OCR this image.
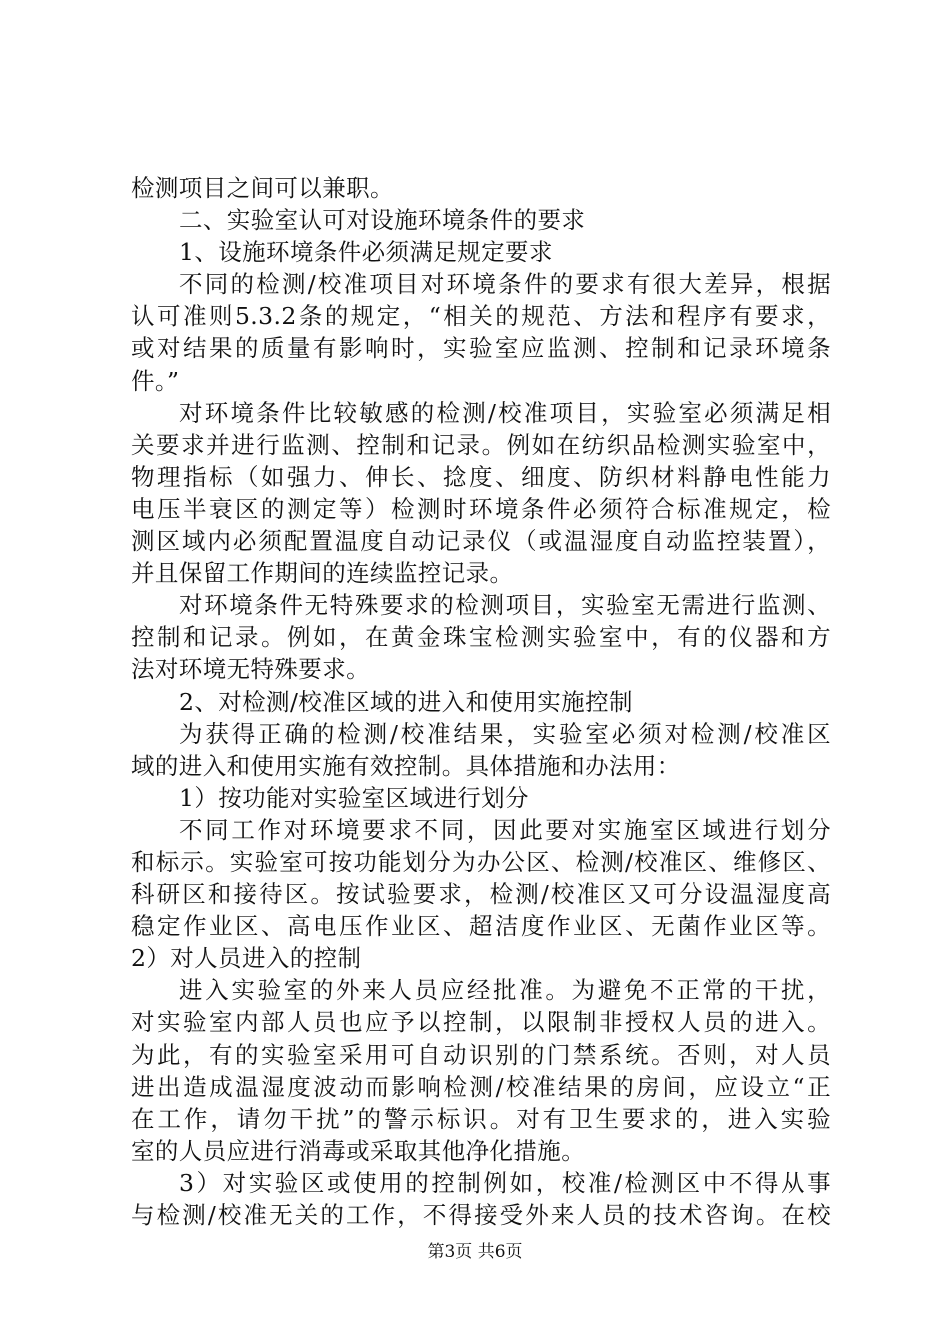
检测项目之间可以兼职。
二、实验室认可对设施环境条件的要求
1、设施环境条件必须满足规定要求
不同的检测/校准项目对环境条件的要求有很大差异，根据
认可准则5.3.2条的规定，“相关的规范、方法和程序有要求，
或对结果的质量有影响时，实验室应监测、控制和记录环境条
件。”
对环境条件比较敏感的检测/校准项目，实验室必须满足相
关要求并进行监测、控制和记录。例如在纺织品检测实验室中，
物理指标（如强力、伸长、捻度、细度、防织材料静电性能力
电压半衰区的测定等）检测时环境条件必须符合标准规定，检
测区域内必须配置温度自动记录仪（或温湿度自动监控装置），
并且保留工作期间的连续监控记录。
对环境条件无特殊要求的检测项目，实验室无需进行监测、
控制和记录。例如，在黄金珠宝检测实验室中，有的仪器和方
法对环境无特殊要求。
2、对检测/校准区域的进入和使用实施控制
为获得正确的检测/校准结果，实验室必须对检测/校准区
域的进入和使用实施有效控制。具体措施和办法用：
1）按功能对实验室区域进行划分
不同工作对环境要求不同，因此要对实施室区域进行划分
和标示。实验室可按功能划分为办公区、检测/校准区、维修区、
科研区和接待区。按试验要求，检测/校准区又可分设温湿度高
稳定作业区、高电压作业区、超洁度作业区、无菌作业区等。
2）对人员进入的控制
进入实验室的外来人员应经批准。为避免不正常的干扰，
对实验室内部人员也应予以控制，以限制非授权人员的进入。
为此，有的实验室采用可自动识别的门禁系统。否则，对人员
进出造成温湿度波动而影响检测/校准结果的房间，应设立“正
在工作，请勿干扰”的警示标识。对有卫生要求的，进入实验
室的人员应进行消毒或采取其他净化措施。
3）对实验区或使用的控制例如，校准/检测区中不得从事
与检测/校准无关的工作，不得接受外来人员的技术咨询。在校
第3页 共6页
